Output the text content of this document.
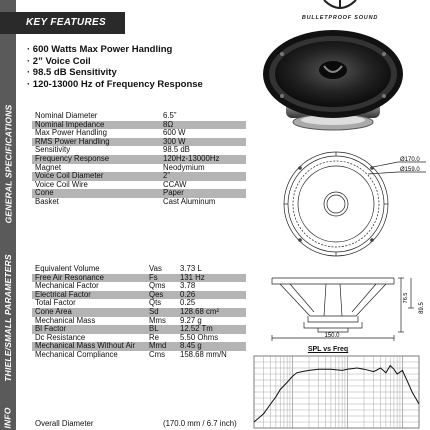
GENERAL SPECIFICATIONS
THIELE/SMALL PARAMETERS
INFO
KEY FEATURES	BULLETPROOF SOUND
· 600 Watts Max Power Handling
· 2” Voice Coil
· 98.5 dB Sensitivity
· 120-13000 Hz of Frequency Response
Nominal Diameter	6.5”
Nominal Impedance	8Ω
Max Power Handling	600 W
RMS Power Handling	300 W
Sensitivity	98.5 dB
Frequency Response	120Hz-13000Hz
Magnet	Neodymium
Voice Coil Diameter	2”
Voice Coil Wire	CCAW
Cone	Paper
Basket	Cast Aluminum
Ø170.0
Ø159.0
Equivalent Volume	Vas	3.73 L
Free Air Resonance	Fs	131 Hz
Mechanical Factor	Qms	3.78
Electrical Factor	Qes	0.26
Total Factor	Qts	0.25
Cone Area	Sd	128.68 cm²
Mechanical Mass	Mms	9.27 g
Bl Factor	BL	12.52 Tm
Dc Resistance	Re	5.50 Ohms
Mechanical Mass Without Air	Mmd	8.45 g
Mechanical Compliance	Cms	158.68 mm/N
150.0
89.5
76.5
SPL vs Freq
Overall Diameter	(170.0 mm / 6.7 inch)
